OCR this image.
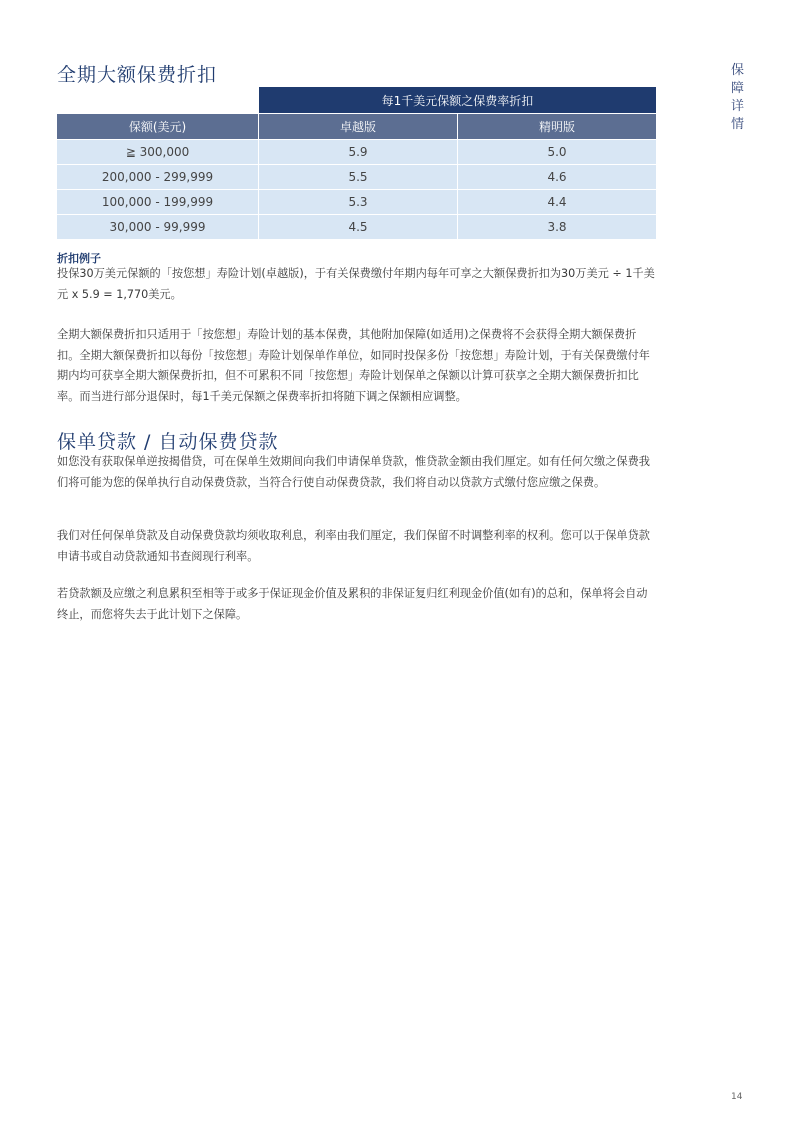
保障详情
全期大额保费折扣
	每1千美元保额之保费率折扣	
保额(美元)	卓越版	精明版
≧ 300,000	5.9	5.0
200,000 - 299,999	5.5	4.6
100,000 - 199,999	5.3	4.4
30,000 - 99,999	4.5	3.8
折扣例子

投保30万美元保额的「按您想」寿险计划(卓越版)，于有关保费缴付年期内每年可享之大额保费折扣为30万美元 ÷ 1千美元 x 5.9 = 1,770美元。

全期大额保费折扣只适用于「按您想」寿险计划的基本保费，其他附加保障(如适用)之保费将不会获得全期大额保费折扣。全期大额保费折扣以每份「按您想」寿险计划保单作单位，如同时投保多份「按您想」寿险计划，于有关保费缴付年期内均可获享全期大额保费折扣，但不可累积不同「按您想」寿险计划保单之保额以计算可获享之全期大额保费折扣比率。而当进行部分退保时，每1千美元保额之保费率折扣将随下调之保额相应调整。

保单贷款 / 自动保费贷款

如您没有获取保单逆按揭借贷，可在保单生效期间向我们申请保单贷款，惟贷款金额由我们厘定。如有任何欠缴之保费我们将可能为您的保单执行自动保费贷款，当符合行使自动保费贷款，我们将自动以贷款方式缴付您应缴之保费。

我们对任何保单贷款及自动保费贷款均须收取利息，利率由我们厘定，我们保留不时调整利率的权利。您可以于保单贷款申请书或自动贷款通知书查阅现行利率。

若贷款额及应缴之利息累积至相等于或多于保证现金价值及累积的非保证复归红利现金价值(如有)的总和，保单将会自动终止，而您将失去于此计划下之保障。

14
